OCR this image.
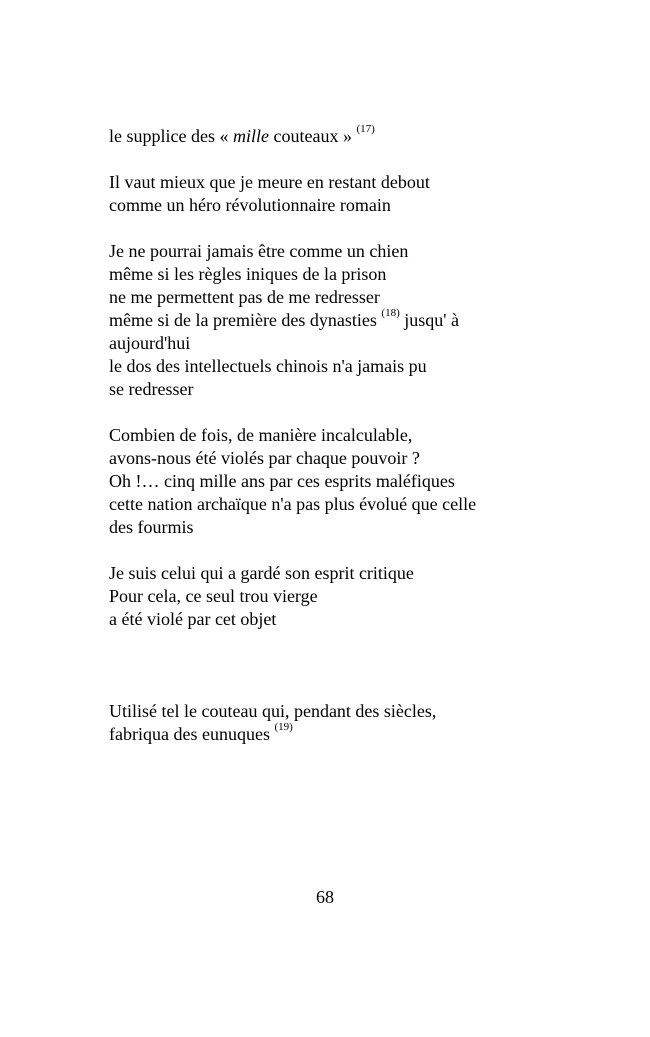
le supplice des « mille couteaux » $^{(17)}$
Il vaut mieux que je meure en restant debout
comme un héro révolutionnaire romain
Je ne pourrai jamais être comme un chien
même si les règles iniques de la prison
ne me permettent pas de me redresser
même si de la première des dynasties $^{(18)}$ jusqu' à
aujourd'hui
le dos des intellectuels chinois n'a jamais pu
se redresser
Combien de fois, de manière incalculable,
avons-nous été violés par chaque pouvoir ?
Oh !… cinq mille ans par ces esprits maléfiques
cette nation archaïque n'a pas plus évolué que celle
des fourmis
Je suis celui qui a gardé son esprit critique
Pour cela, ce seul trou vierge
a été violé par cet objet
Utilisé tel le couteau qui, pendant des siècles,
fabriqua des eunuques $^{(19)}$
68
